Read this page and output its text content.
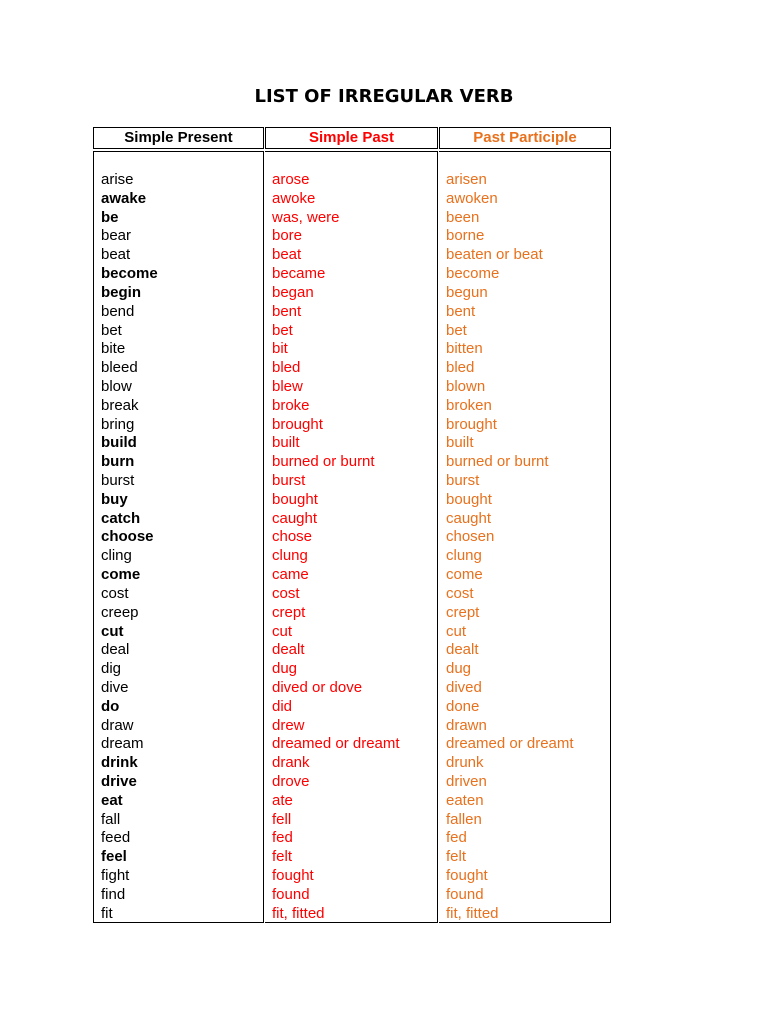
LIST OF IRREGULAR VERB
Simple Present	Simple Past	Past Participle
arise
awake
be
bear
beat
become
begin
bend
bet
bite
bleed
blow
break
bring
build
burn
burst
buy
catch
choose
cling
come
cost
creep
cut
deal
dig
dive
do
draw
dream
drink
drive
eat
fall
feed
feel
fight
find
fit
arose
awoke
was, were
bore
beat
became
began
bent
bet
bit
bled
blew
broke
brought
built
burned or burnt
burst
bought
caught
chose
clung
came
cost
crept
cut
dealt
dug
dived or dove
did
drew
dreamed or dreamt
drank
drove
ate
fell
fed
felt
fought
found
fit, fitted
arisen
awoken
been
borne
beaten or beat
become
begun
bent
bet
bitten
bled
blown
broken
brought
built
burned or burnt
burst
bought
caught
chosen
clung
come
cost
crept
cut
dealt
dug
dived
done
drawn
dreamed or dreamt
drunk
driven
eaten
fallen
fed
felt
fought
found
fit, fitted
